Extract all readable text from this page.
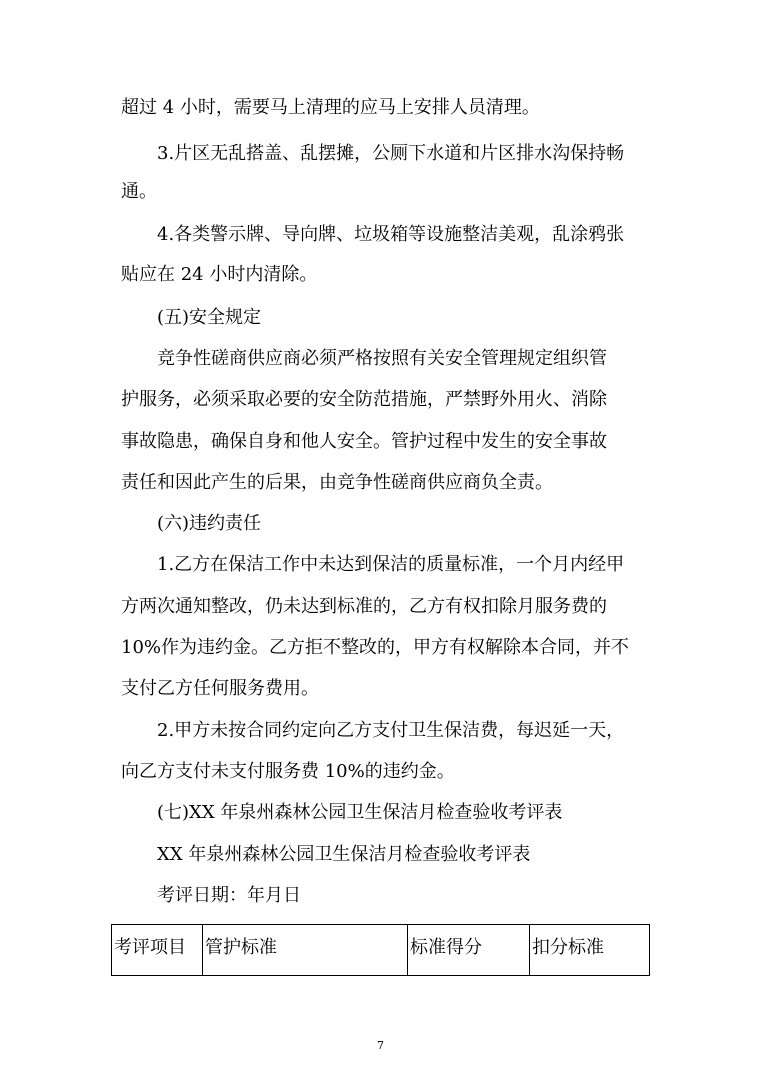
超过 4 小时，需要马上清理的应马上安排人员清理。
3.片区无乱搭盖、乱摆摊，公厕下水道和片区排水沟保持畅
通。
4.各类警示牌、导向牌、垃圾箱等设施整洁美观，乱涂鸦张
贴应在 24 小时内清除。
(五)安全规定
竞争性磋商供应商必须严格按照有关安全管理规定组织管
护服务，必须采取必要的安全防范措施，严禁野外用火、消除
事故隐患，确保自身和他人安全。管护过程中发生的安全事故
责任和因此产生的后果，由竞争性磋商供应商负全责。
(六)违约责任
1.乙方在保洁工作中未达到保洁的质量标准，一个月内经甲
方两次通知整改，仍未达到标准的，乙方有权扣除月服务费的
10%作为违约金。乙方拒不整改的，甲方有权解除本合同，并不
支付乙方任何服务费用。
2.甲方未按合同约定向乙方支付卫生保洁费，每迟延一天，
向乙方支付未支付服务费 10%的违约金。
(七)XX 年泉州森林公园卫生保洁月检查验收考评表
XX 年泉州森林公园卫生保洁月检查验收考评表
考评日期：年月日
考评项目	管护标准	标准得分	扣分标准
7
